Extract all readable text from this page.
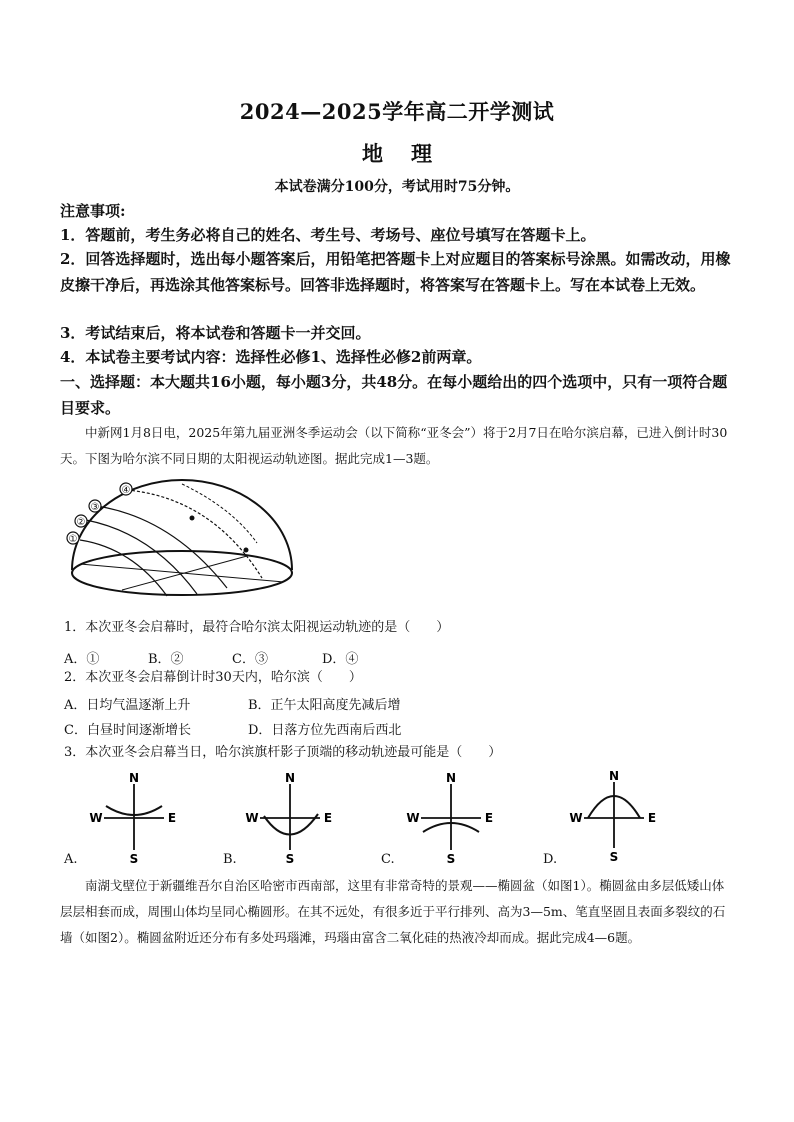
2024—2025学年高二开学测试
地 理
本试卷满分100分，考试用时75分钟。
注意事项:
1．答题前，考生务必将自己的姓名、考生号、考场号、座位号填写在答题卡上。
2．回答选择题时，选出每小题答案后，用铅笔把答题卡上对应题目的答案标号涂黑。如需改动，用橡皮擦干净后，再选涂其他答案标号。回答非选择题时，将答案写在答题卡上。写在本试卷上无效。
3．考试结束后，将本试卷和答题卡一并交回。
4．本试卷主要考试内容：选择性必修1、选择性必修2前两章。
一、选择题：本大题共16小题，每小题3分，共48分。在每小题给出的四个选项中，只有一项符合题目要求。
中新网1月8日电，2025年第九届亚洲冬季运动会（以下简称“亚冬会”）将于2月7日在哈尔滨启幕，已进入倒计时30天。下图为哈尔滨不同日期的太阳视运动轨迹图。据此完成1—3题。
①
②
③
④
1．本次亚冬会启幕时，最符合哈尔滨太阳视运动轨迹的是（　　）
A．①	B．②	C．③	D．④
2．本次亚冬会启幕倒计时30天内，哈尔滨（　　）
A．日均气温逐渐上升	B．正午太阳高度先减后增
C．白昼时间逐渐增长	D．日落方位先西南后西北
3．本次亚冬会启幕当日，哈尔滨旗杆影子顶端的移动轨迹最可能是（　　）
A.
N
S
W	E
B.
N
S
W	E
C.
N
S
W	E
D.
N
S
W	E
南湖戈壁位于新疆维吾尔自治区哈密市西南部，这里有非常奇特的景观——椭圆盆（如图1）。椭圆盆由多层低矮山体层层相套而成，周围山体均呈同心椭圆形。在其不远处，有很多近于平行排列、高为3—5m、笔直坚固且表面多裂纹的石墙（如图2）。椭圆盆附近还分布有多处玛瑙滩，玛瑙由富含二氧化硅的热液冷却而成。据此完成4—6题。
